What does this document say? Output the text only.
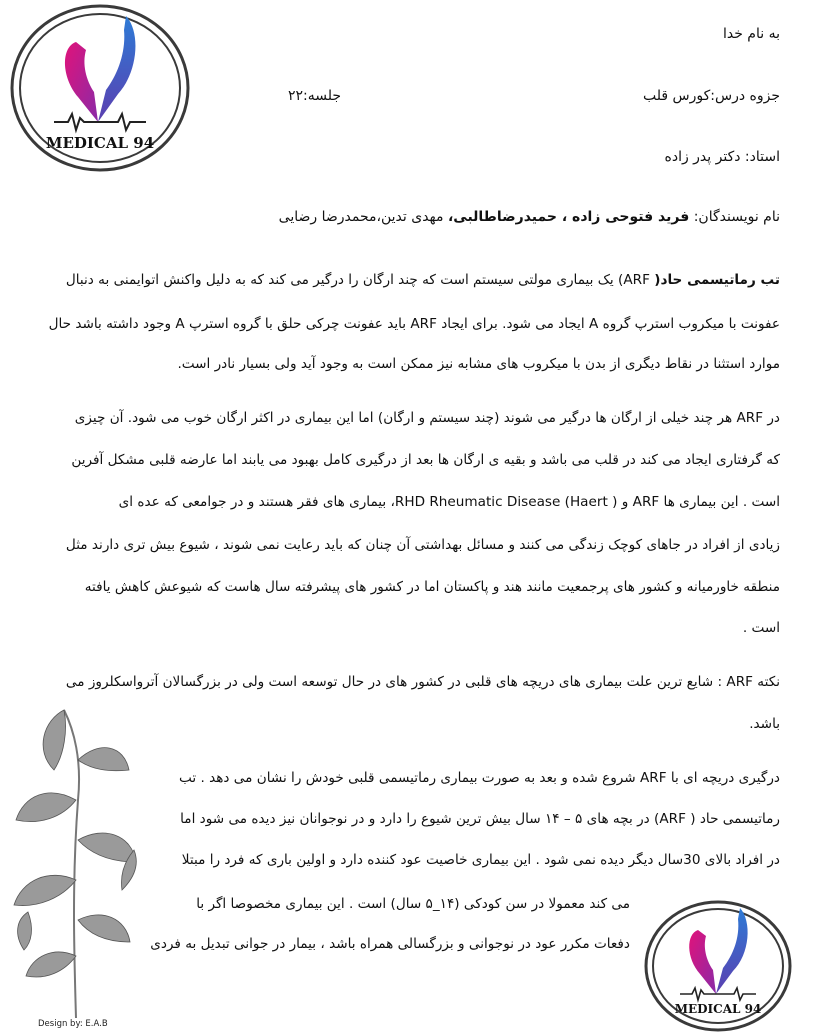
MEDICAL 94
به نام خدا
جزوه درس:کورس قلب
جلسه:۲۲
استاد: دکتر پدر زاده
نام نویسندگان: فرید فتوحی زاده ، حمیدرضاطالبی، مهدی تدین،محمدرضا رضایی
تب رماتیسمی حاد( ARF) یک بیماری مولتی سیستم است که چند ارگان را درگیر می کند که به دلیل واکنش اتوایمنی به دنبال
عفونت با میکروب استرپ گروه A ایجاد می شود. برای ایجاد ARF باید عفونت چرکی حلق با گروه استرپ A وجود داشته باشد حال
موارد استثنا در نقاط دیگری از بدن با میکروب های مشابه نیز ممکن است به وجود آید ولی بسیار نادر است.
در ARF هر چند خیلی از ارگان ها درگیر می شوند (چند سیستم و ارگان) اما این بیماری در اکثر ارگان خوب می شود. آن چیزی
که گرفتاری ایجاد می کند در قلب می باشد و بقیه ی ارگان ها بعد از درگیری کامل بهبود می یابند اما عارضه قلبی مشکل آفرین
است . این بیماری ها ARF و RHD Rheumatic Disease (Haert )، بیماری های فقر هستند و در جوامعی که عده ای
زیادی از افراد در جاهای کوچک زندگی می کنند و مسائل بهداشتی آن چنان که باید رعایت نمی شوند ، شیوع بیش تری دارند مثل
منطقه خاورمیانه و کشور های پرجمعیت مانند هند و پاکستان اما در کشور های پیشرفته سال هاست که شیوعش کاهش یافته
است .
نکته ARF : شایع ترین علت بیماری های دریچه های قلبی در کشور های در حال توسعه است ولی در بزرگسالان آترواسکلروز می
باشد.
درگیری دریچه ای با ARF شروع شده و بعد به صورت بیماری رماتیسمی قلبی خودش را نشان می دهد . تب
رماتیسمی حاد ( ARF) در بچه های ۵ – ۱۴ سال بیش ترین شیوع را دارد و در نوجوانان نیز دیده می شود اما
در افراد بالای 30سال دیگر دیده نمی شود . این بیماری خاصیت عود کننده دارد و اولین باری که فرد را مبتلا
می کند معمولا در سن کودکی (۱۴_۵ سال) است . این بیماری مخصوصا اگر با
دفعات مکرر عود در نوجوانی و بزرگسالی همراه باشد ، بیمار در جوانی تبدیل به فردی
MEDICAL 94
Design by: E.A.B
